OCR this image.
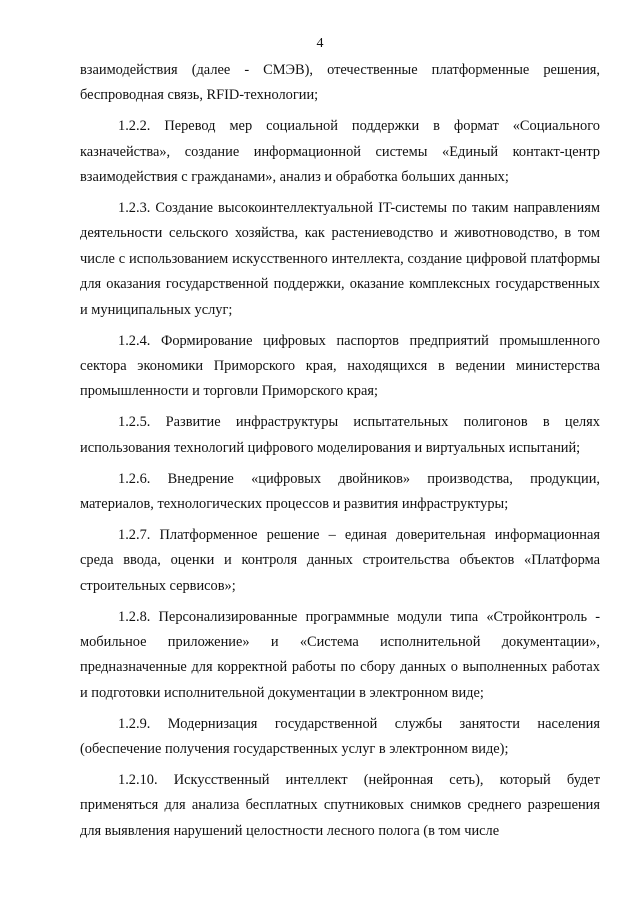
4

взаимодействия (далее - СМЭВ), отечественные платформенные решения, беспроводная связь, RFID-технологии;

1.2.2. Перевод мер социальной поддержки в формат «Социального казначейства», создание информационной системы «Единый контакт-центр взаимодействия с гражданами», анализ и обработка больших данных;

1.2.3. Создание высокоинтеллектуальной IT-системы по таким направлениям деятельности сельского хозяйства, как растениеводство и животноводство, в том числе с использованием искусственного интеллекта, создание цифровой платформы для оказания государственной поддержки, оказание комплексных государственных и муниципальных услуг;

1.2.4. Формирование цифровых паспортов предприятий промышленного сектора экономики Приморского края, находящихся в ведении министерства промышленности и торговли Приморского края;

1.2.5. Развитие инфраструктуры испытательных полигонов в целях использования технологий цифрового моделирования и виртуальных испытаний;

1.2.6. Внедрение «цифровых двойников» производства, продукции, материалов, технологических процессов и развития инфраструктуры;

1.2.7. Платформенное решение – единая доверительная информационная среда ввода, оценки и контроля данных строительства объектов «Платформа строительных сервисов»;

1.2.8. Персонализированные программные модули типа «Стройконтроль - мобильное приложение» и «Система исполнительной документации», предназначенные для корректной работы по сбору данных о выполненных работах и подготовки исполнительной документации в электронном виде;

1.2.9. Модернизация государственной службы занятости населения (обеспечение получения государственных услуг в электронном виде);

1.2.10. Искусственный интеллект (нейронная сеть), который будет применяться для анализа бесплатных спутниковых снимков среднего разрешения для выявления нарушений целостности лесного полога (в том числе
